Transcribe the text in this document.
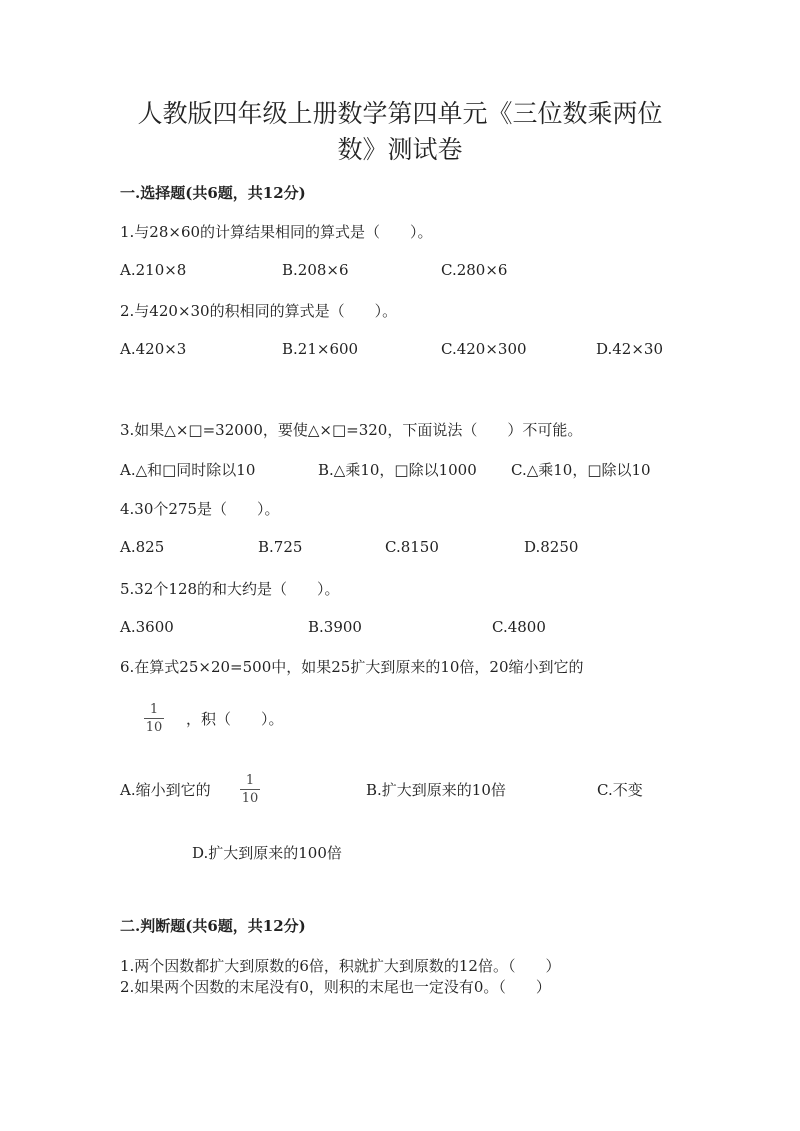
人教版四年级上册数学第四单元《三位数乘两位
数》测试卷
一.选择题(共6题，共12分)
1.与28×60的计算结果相同的算式是（　　）。
A.210×8	B.208×6	C.280×6
2.与420×30的积相同的算式是（　　）。
A.420×3	B.21×600	C.420×300	D.42×30
3.如果△×□=32000，要使△×□=320，下面说法（　　）不可能。
A.△和□同时除以10	B.△乘10，□除以1000 C.△乘10，□除以10
4.30个275是（　　）。
A.825	B.725	C.8150	D.8250
5.32个128的和大约是（　　）。
A.3600	B.3900	C.4800
6.在算式25×20=500中，如果25扩大到原来的10倍，20缩小到它的
1
10 ，积（　　）。
A.缩小到它的
1
10	B.扩大到原来的10倍	C.不变
D.扩大到原来的100倍
二.判断题(共6题，共12分)
1.两个因数都扩大到原数的6倍，积就扩大到原数的12倍。（　　）
2.如果两个因数的末尾没有0，则积的末尾也一定没有0。（　　）
